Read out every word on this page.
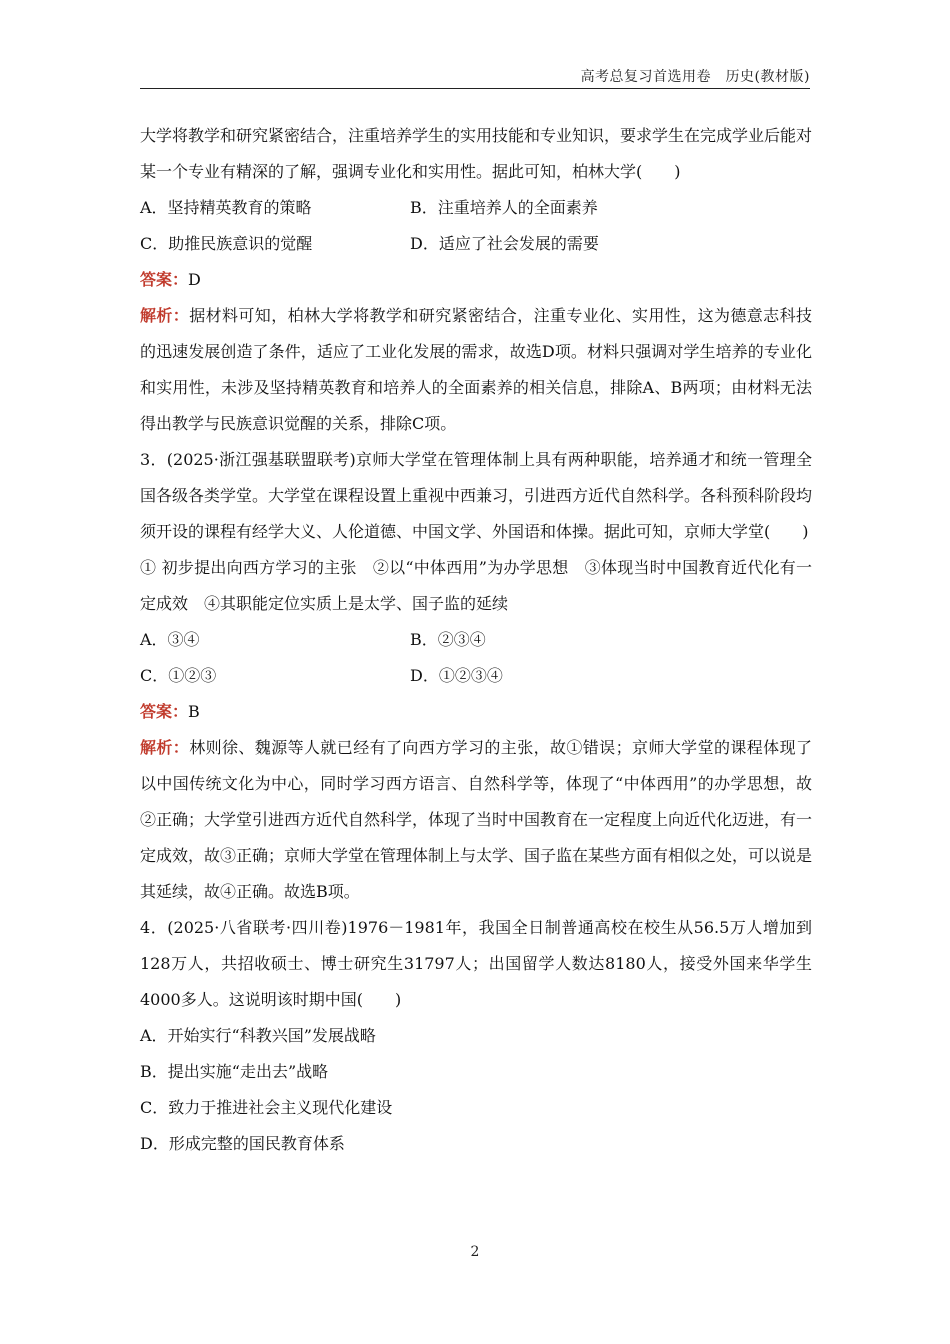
高考总复习首选用卷　历史(教材版)

大学将教学和研究紧密结合，注重培养学生的实用技能和专业知识，要求学生在完成学业后能对某一个专业有精深的了解，强调专业化和实用性。据此可知，柏林大学(　　)

A．坚持精英教育的策略	B．注重培养人的全面素养
C．助推民族意识的觉醒	D．适应了社会发展的需要

答案：D

解析：据材料可知，柏林大学将教学和研究紧密结合，注重专业化、实用性，这为德意志科技的迅速发展创造了条件，适应了工业化发展的需求，故选D项。材料只强调对学生培养的专业化和实用性，未涉及坚持精英教育和培养人的全面素养的相关信息，排除A、B两项；由材料无法得出教学与民族意识觉醒的关系，排除C项。

3．(2025·浙江强基联盟联考)京师大学堂在管理体制上具有两种职能，培养通才和统一管理全国各级各类学堂。大学堂在课程设置上重视中西兼习，引进西方近代自然科学。各科预科阶段均须开设的课程有经学大义、人伦道德、中国文学、外国语和体操。据此可知，京师大学堂(　　)

① 初步提出向西方学习的主张　②以“中体西用”为办学思想　③体现当时中国教育近代化有一定成效　④其职能定位实质上是太学、国子监的延续

A．③④	B．②③④
C．①②③	D．①②③④

答案：B

解析：林则徐、魏源等人就已经有了向西方学习的主张，故①错误；京师大学堂的课程体现了以中国传统文化为中心，同时学习西方语言、自然科学等，体现了“中体西用”的办学思想，故②正确；大学堂引进西方近代自然科学，体现了当时中国教育在一定程度上向近代化迈进，有一定成效，故③正确；京师大学堂在管理体制上与太学、国子监在某些方面有相似之处，可以说是其延续，故④正确。故选B项。

4．(2025·八省联考·四川卷)1976－1981年，我国全日制普通高校在校生从56.5万人增加到128万人，共招收硕士、博士研究生31797人；出国留学人数达8180人，接受外国来华学生4000多人。这说明该时期中国(　　)

A．开始实行“科教兴国”发展战略

B．提出实施“走出去”战略

C．致力于推进社会主义现代化建设

D．形成完整的国民教育体系

2
